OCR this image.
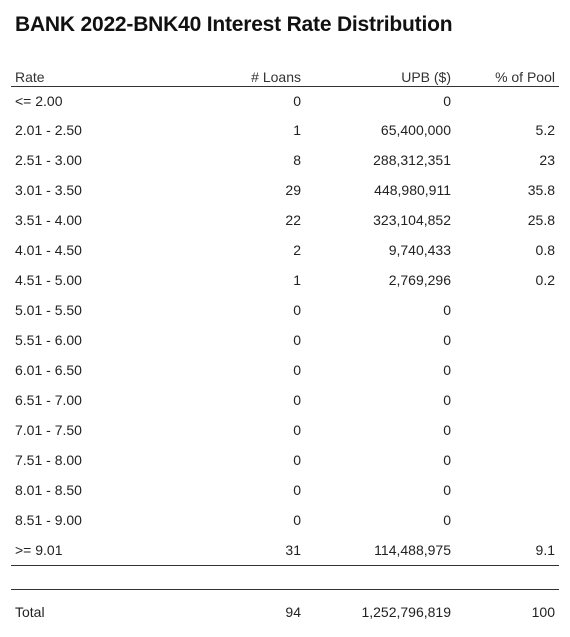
BANK 2022-BNK40 Interest Rate Distribution
Rate	# Loans	UPB ($)	% of Pool
<= 2.00	0	0	
2.01 - 2.50	1	65,400,000	5.2
2.51 - 3.00	8	288,312,351	23
3.01 - 3.50	29	448,980,911	35.8
3.51 - 4.00	22	323,104,852	25.8
4.01 - 4.50	2	9,740,433	0.8
4.51 - 5.00	1	2,769,296	0.2
5.01 - 5.50	0	0	
5.51 - 6.00	0	0	
6.01 - 6.50	0	0	
6.51 - 7.00	0	0	
7.01 - 7.50	0	0	
7.51 - 8.00	0	0	
8.01 - 8.50	0	0	
8.51 - 9.00	0	0	
>= 9.01	31	114,488,975	9.1

Total	94	1,252,796,819	100
